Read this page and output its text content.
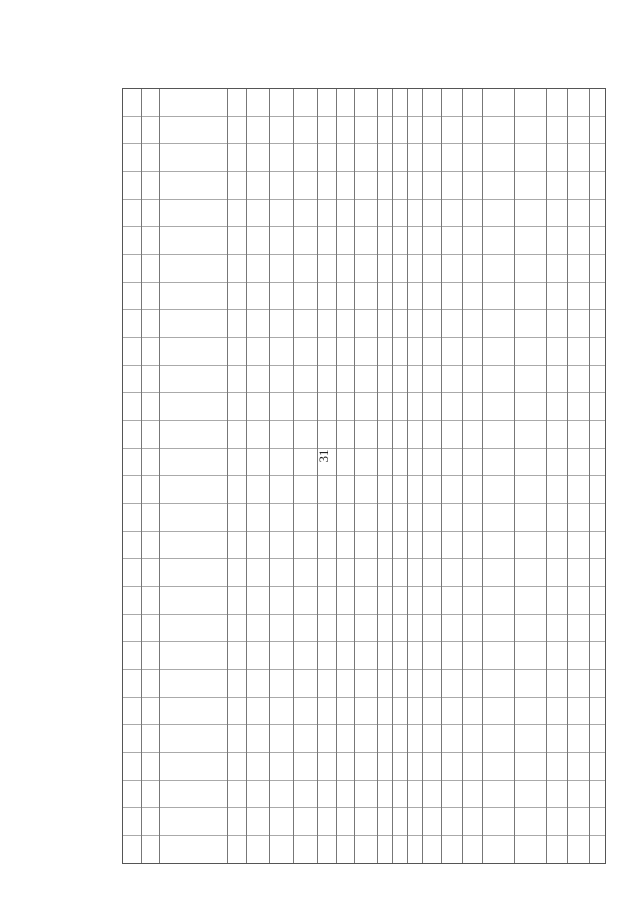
31
